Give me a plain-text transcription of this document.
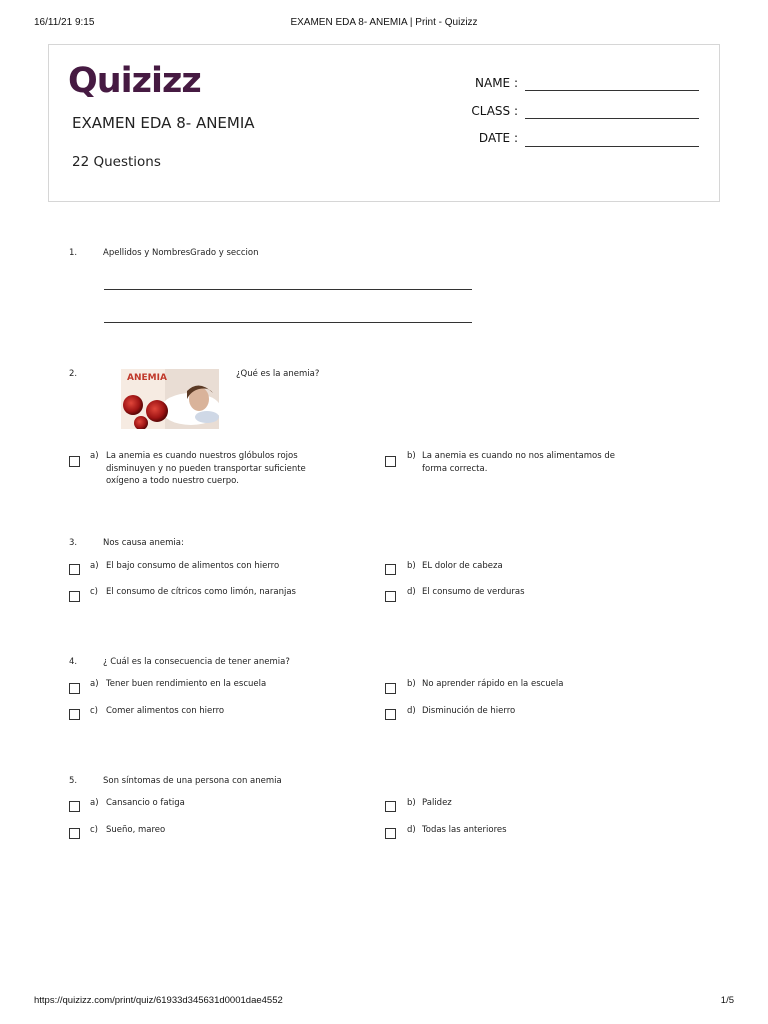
16/11/21 9:15	EXAMEN EDA 8- ANEMIA | Print - Quizizz
Quizizz
EXAMEN EDA 8- ANEMIA
22 Questions
NAME :
CLASS :
DATE :
1.	Apellidos y NombresGrado y seccion
2.	ANEMIA	¿Qué es la anemia?
a) La anemia es cuando nuestros glóbulos rojos disminuyen y no pueden transportar suficiente oxígeno a todo nuestro cuerpo.
b) La anemia es cuando no nos alimentamos de forma correcta.
3.	Nos causa anemia:
a) El bajo consumo de alimentos con hierro	b) EL dolor de cabeza
c) El consumo de cítricos como limón, naranjas	d) El consumo de verduras
4.	¿ Cuál es la consecuencia de tener anemia?
a) Tener buen rendimiento en la escuela	b) No aprender rápido en la escuela
c) Comer alimentos con hierro	d) Disminución de hierro
5.	Son síntomas de una persona con anemia
a) Cansancio o fatiga	b) Palidez
c) Sueño, mareo	d) Todas las anteriores
https://quizizz.com/print/quiz/61933d345631d0001dae4552	1/5
